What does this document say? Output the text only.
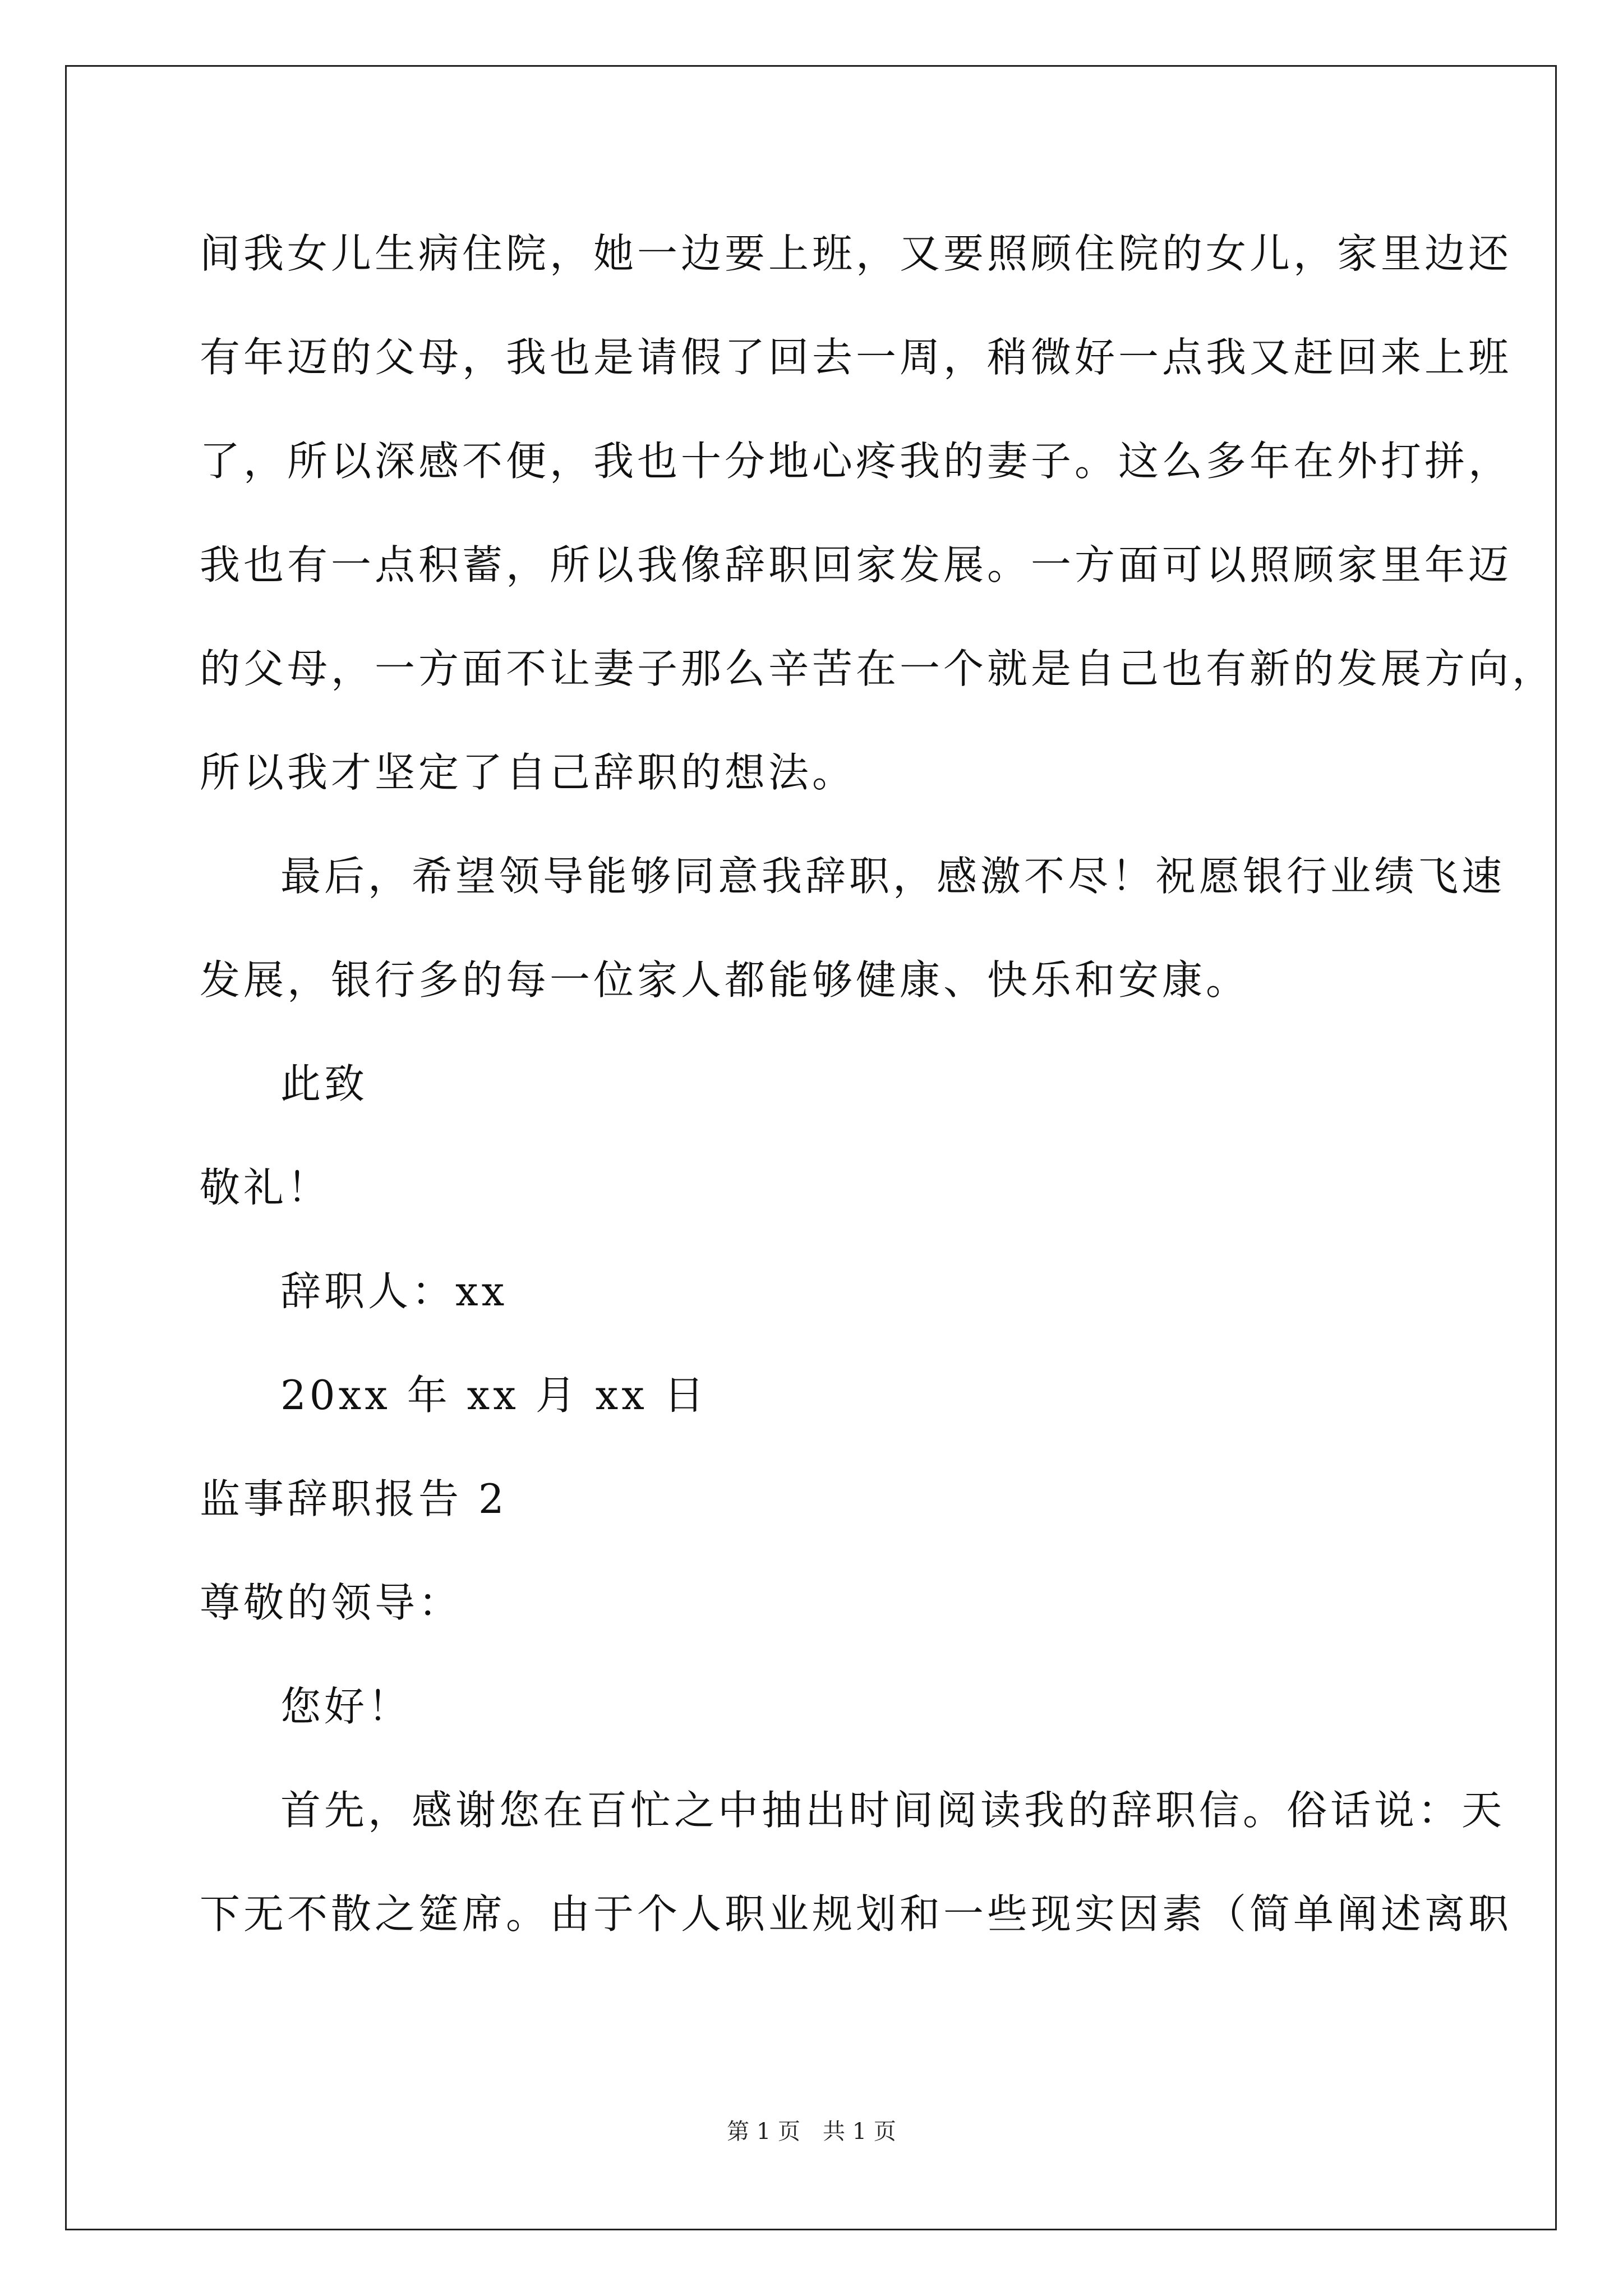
间我女儿生病住院，她一边要上班，又要照顾住院的女儿，家里边还
有年迈的父母，我也是请假了回去一周，稍微好一点我又赶回来上班
了，所以深感不便，我也十分地心疼我的妻子。这么多年在外打拼，
我也有一点积蓄，所以我像辞职回家发展。一方面可以照顾家里年迈
的父母，一方面不让妻子那么辛苦在一个就是自己也有新的发展方向，
所以我才坚定了自己辞职的想法。
最后，希望领导能够同意我辞职，感激不尽！祝愿银行业绩飞速
发展，银行多的每一位家人都能够健康、快乐和安康。
此致
敬礼！
辞职人：xx
20xx 年 xx 月 xx 日
监事辞职报告 2
尊敬的领导：
您好！
首先，感谢您在百忙之中抽出时间阅读我的辞职信。俗话说：天
下无不散之筵席。由于个人职业规划和一些现实因素（简单阐述离职
第 1 页　共 1 页
